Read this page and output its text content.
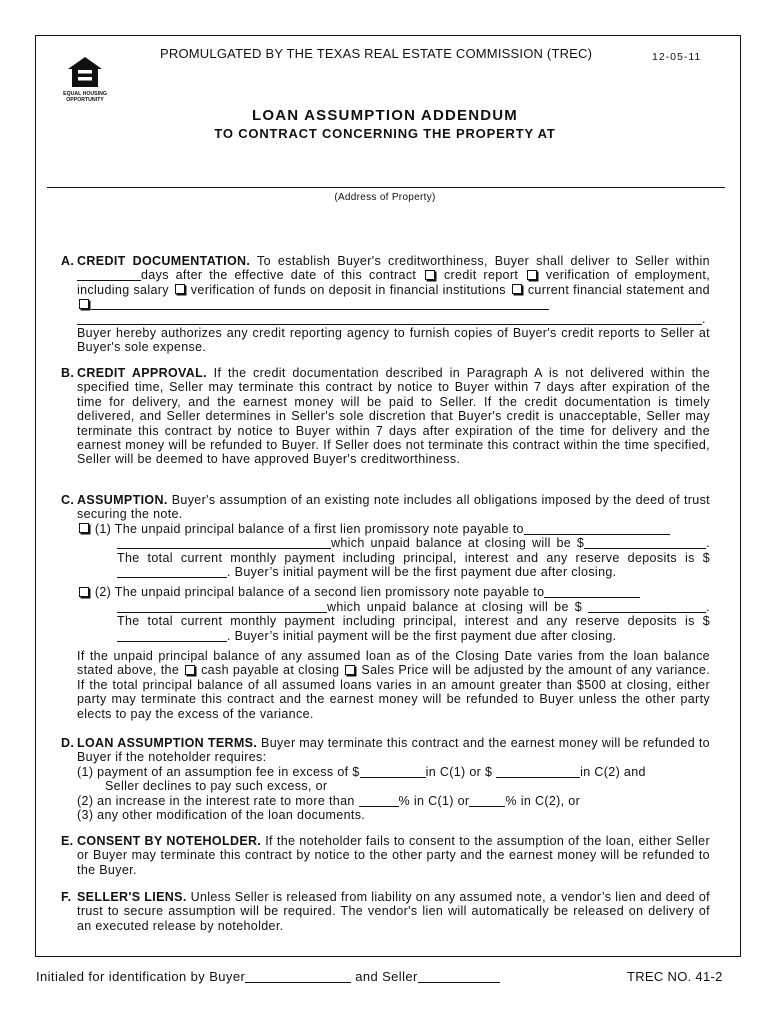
PROMULGATED BY THE TEXAS REAL ESTATE COMMISSION (TREC)	12-05-11
EQUAL HOUSING
OPPORTUNITY
LOAN ASSUMPTION ADDENDUM
TO CONTRACT CONCERNING THE PROPERTY AT
(Address of Property)
A. CREDIT DOCUMENTATION. To establish Buyer's creditworthiness, Buyer shall deliver to Seller withindays after the effective date of this contract credit report verification of employment, including salary verification of funds on deposit in financial institutions current financial statement and  .

Buyer hereby authorizes any credit reporting agency to furnish copies of Buyer's credit reports to Seller at Buyer's sole expense.

B. CREDIT APPROVAL. If the credit documentation described in Paragraph A is not delivered within the specified time, Seller may terminate this contract by notice to Buyer within 7 days after expiration of the time for delivery, and the earnest money will be paid to Seller. If the credit documentation is timely delivered, and Seller determines in Seller's sole discretion that Buyer's credit is unacceptable, Seller may terminate this contract by notice to Buyer within 7 days after expiration of the time for delivery and the earnest money will be refunded to Buyer. If Seller does not terminate this contract within the time specified, Seller will be deemed to have approved Buyer's creditworthiness.

C. ASSUMPTION. Buyer's assumption of an existing note includes all obligations imposed by the deed of trust securing the note.

(1) The unpaid principal balance of a first lien promissory note payable to

which unpaid balance at closing will be $	. The total current monthly payment including principal, interest and any reserve deposits is $ . Buyer’s initial payment will be the first payment due after closing.

(2) The unpaid principal balance of a second lien promissory note payable to

which unpaid balance at closing will be $	. The total current monthly payment including principal, interest and any reserve deposits is $ . Buyer’s initial payment will be the first payment due after closing.

If the unpaid principal balance of any assumed loan as of the Closing Date varies from the loan balance stated above, the cash payable at closing Sales Price will be adjusted by the amount of any variance. If the total principal balance of all assumed loans varies in an amount greater than $500 at closing, either party may terminate this contract and the earnest money will be refunded to Buyer unless the other party elects to pay the excess of the variance.

D. LOAN ASSUMPTION TERMS. Buyer may terminate this contract and the earnest money will be refunded to Buyer if the noteholder requires:

(1) payment of an assumption fee in excess of $	in C(1) or $	in C(2) and

Seller declines to pay such excess, or

(2) an increase in the interest rate to more than	% in C(1) or	% in C(2), or

(3) any other modification of the loan documents.

E. CONSENT BY NOTEHOLDER. If the noteholder fails to consent to the assumption of the loan, either Seller or Buyer may terminate this contract by notice to the other party and the earnest money will be refunded to the Buyer.

F. SELLER'S LIENS. Unless Seller is released from liability on any assumed note, a vendor’s lien and deed of trust to secure assumption will be required. The vendor's lien will automatically be released on delivery of an executed release by noteholder.

Initialed for identification by Buyer	and Seller	TREC NO. 41-2
